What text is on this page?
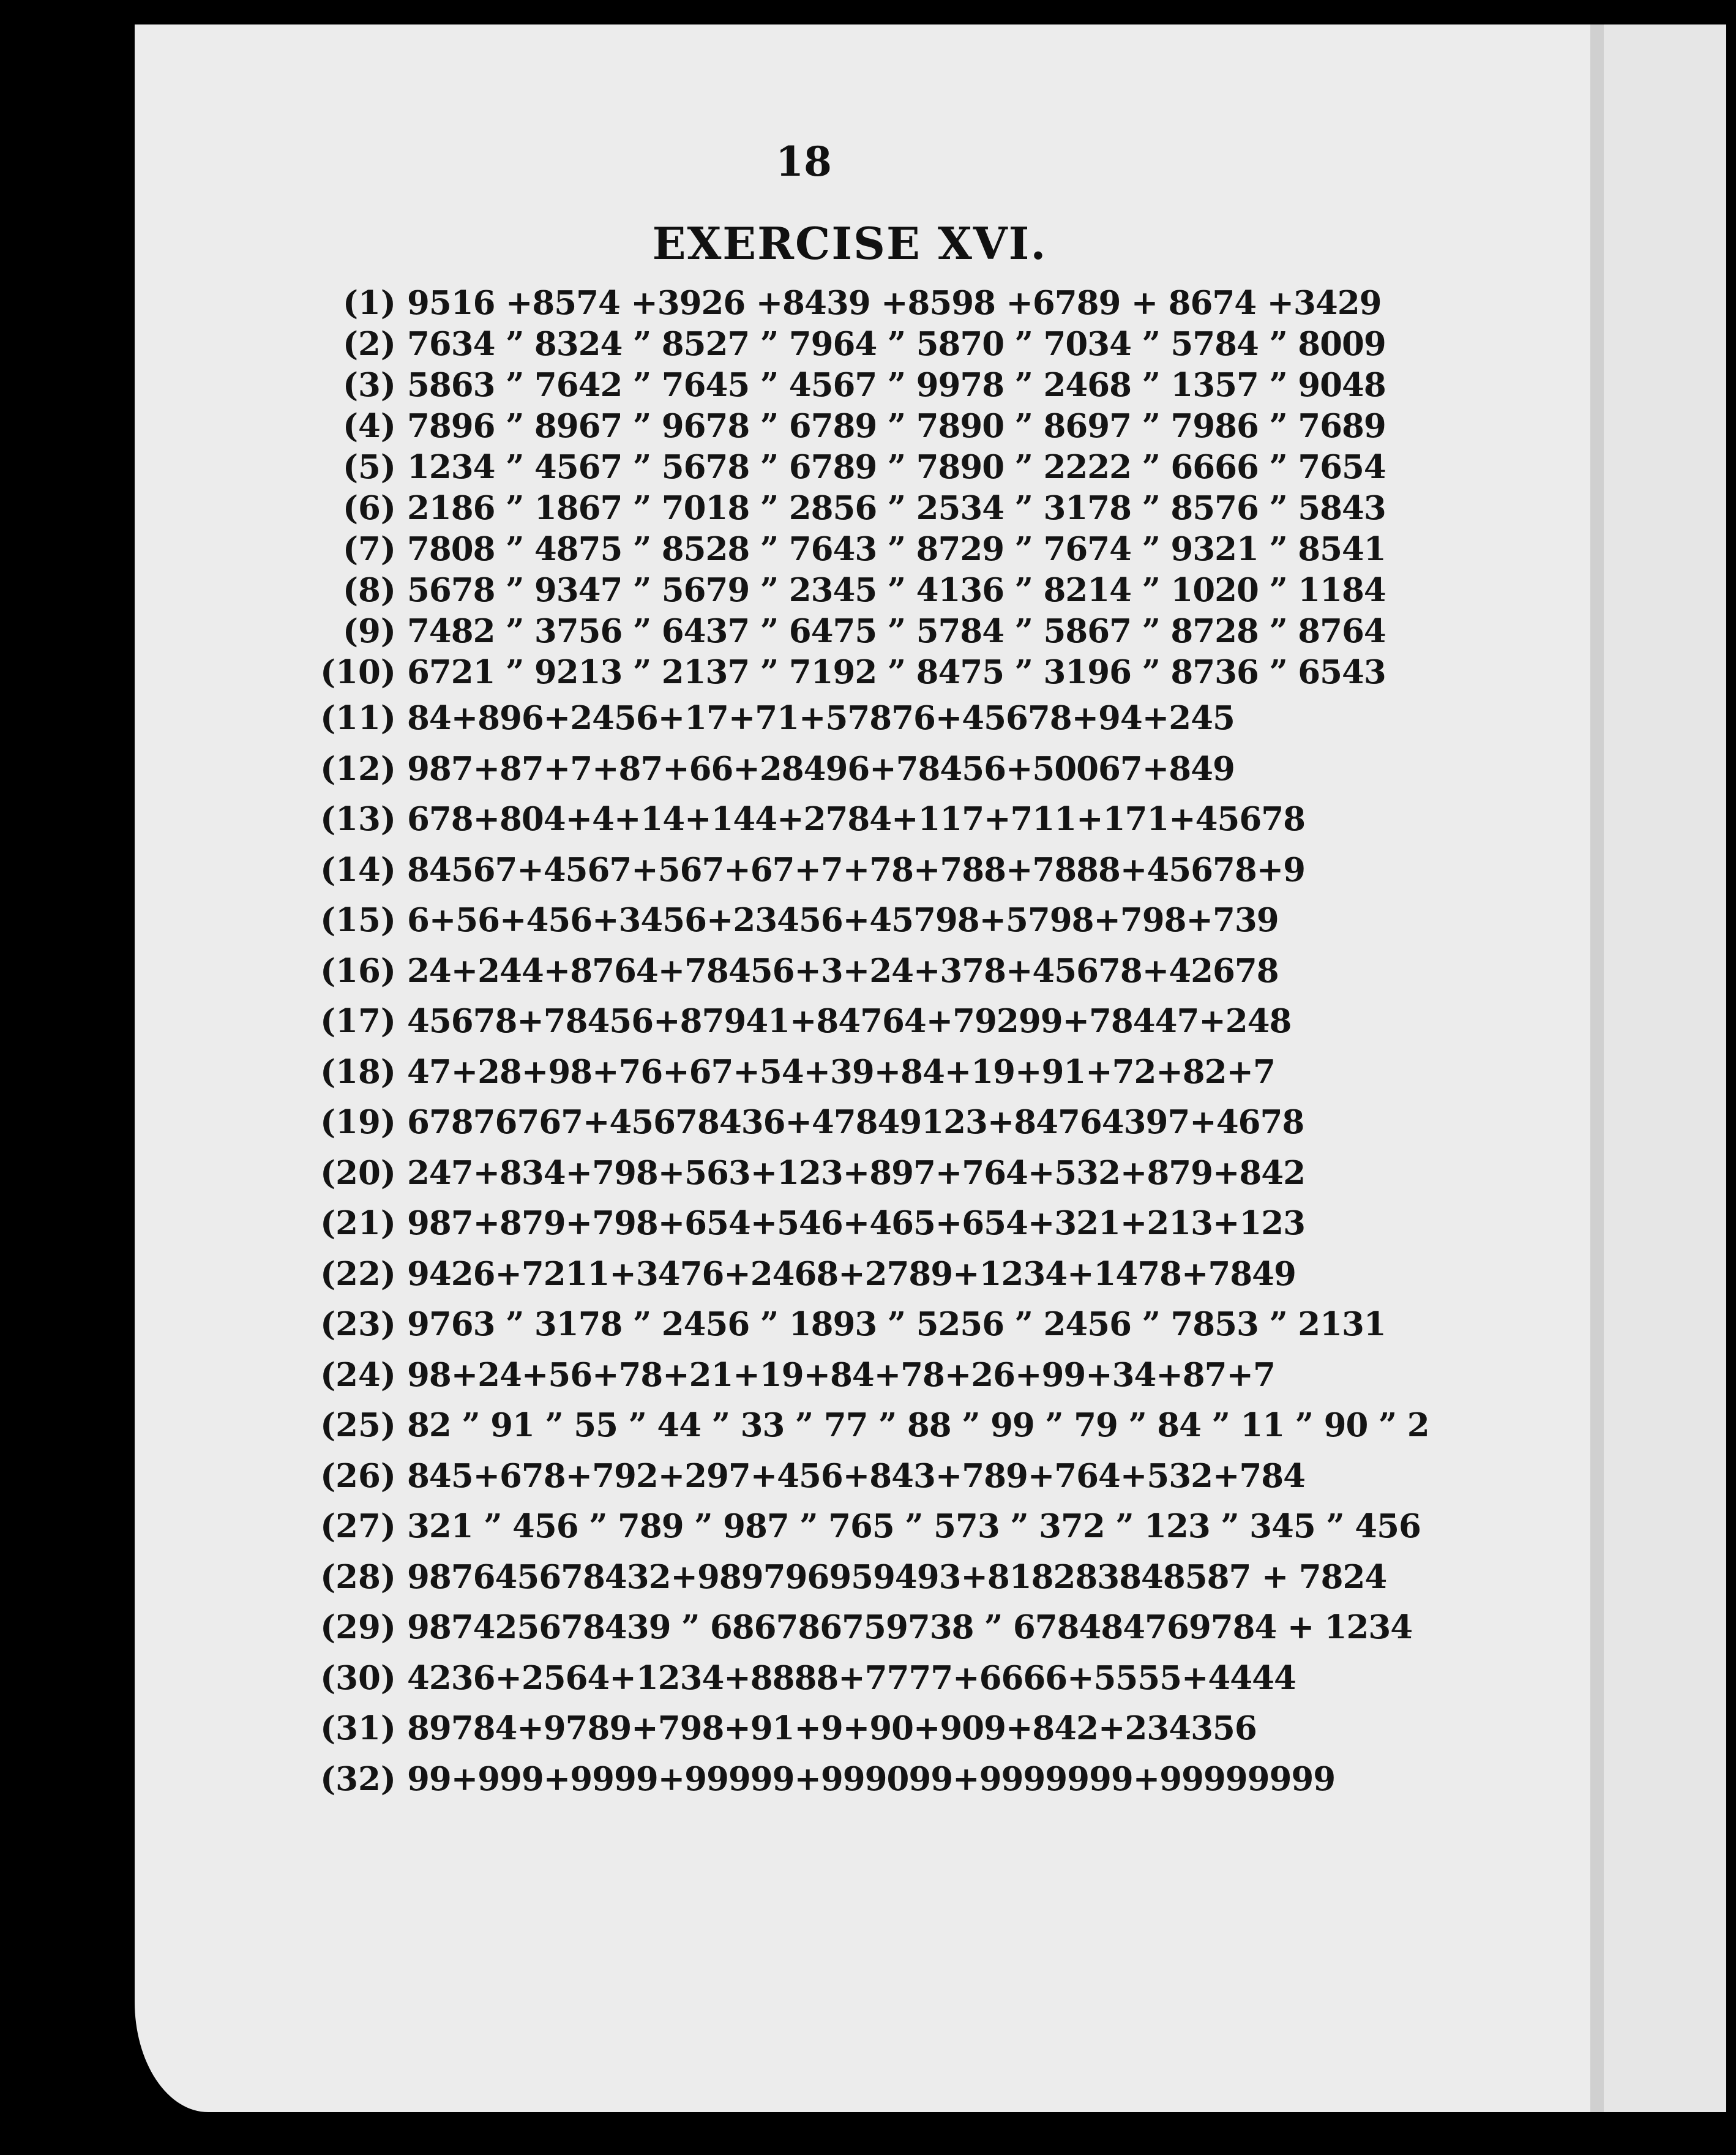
18
EXERCISE XVI.
(1) 9516 +8574 +3926 +8439 +8598 +6789 + 8674 +3429
(2) 7634 ” 8324 ” 8527 ” 7964 ” 5870 ” 7034 ” 5784 ” 8009
(3) 5863 ” 7642 ” 7645 ” 4567 ” 9978 ” 2468 ” 1357 ” 9048
(4) 7896 ” 8967 ” 9678 ” 6789 ” 7890 ” 8697 ” 7986 ” 7689
(5) 1234 ” 4567 ” 5678 ” 6789 ” 7890 ” 2222 ” 6666 ” 7654
(6) 2186 ” 1867 ” 7018 ” 2856 ” 2534 ” 3178 ” 8576 ” 5843
(7) 7808 ” 4875 ” 8528 ” 7643 ” 8729 ” 7674 ” 9321 ” 8541
(8) 5678 ” 9347 ” 5679 ” 2345 ” 4136 ” 8214 ” 1020 ” 1184
(9) 7482 ” 3756 ” 6437 ” 6475 ” 5784 ” 5867 ” 8728 ” 8764
(10) 6721 ” 9213 ” 2137 ” 7192 ” 8475 ” 3196 ” 8736 ” 6543
(11) 84+896+2456+17+71+57876+45678+94+245
(12) 987+87+7+87+66+28496+78456+50067+849
(13) 678+804+4+14+144+2784+117+711+171+45678
(14) 84567+4567+567+67+7+78+788+7888+45678+9
(15) 6+56+456+3456+23456+45798+5798+798+739
(16) 24+244+8764+78456+3+24+378+45678+42678
(17) 45678+78456+87941+84764+79299+78447+248
(18) 47+28+98+76+67+54+39+84+19+91+72+82+7
(19) 67876767+45678436+47849123+84764397+4678
(20) 247+834+798+563+123+897+764+532+879+842
(21) 987+879+798+654+546+465+654+321+213+123
(22) 9426+7211+3476+2468+2789+1234+1478+7849
(23) 9763 ” 3178 ” 2456 ” 1893 ” 5256 ” 2456 ” 7853 ” 2131
(24) 98+24+56+78+21+19+84+78+26+99+34+87+7
(25) 82 ” 91 ” 55 ” 44 ” 33 ” 77 ” 88 ” 99 ” 79 ” 84 ” 11 ” 90 ” 2
(26) 845+678+792+297+456+843+789+764+532+784
(27) 321 ” 456 ” 789 ” 987 ” 765 ” 573 ” 372 ” 123 ” 345 ” 456
(28) 987645678432+989796959493+818283848587 + 7824
(29) 987425678439 ” 686786759738 ” 678484769784 + 1234
(30) 4236+2564+1234+8888+7777+6666+5555+4444
(31) 89784+9789+798+91+9+90+909+842+234356
(32) 99+999+9999+99999+999099+9999999+99999999
